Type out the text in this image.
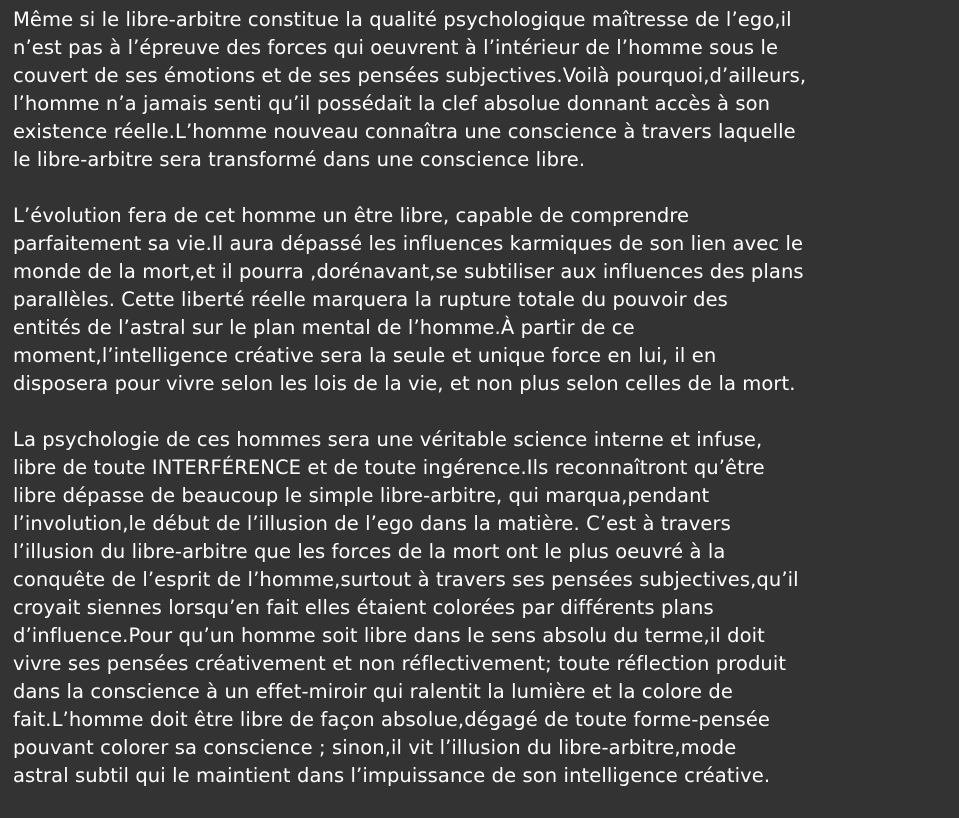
Même si le libre-arbitre constitue la qualité psychologique maîtresse de l’ego,il
n’est pas à l’épreuve des forces qui oeuvrent à l’intérieur de l’homme sous le
couvert de ses émotions et de ses pensées subjectives.Voilà pourquoi,d’ailleurs,
l’homme n’a jamais senti qu’il possédait la clef absolue donnant accès à son
existence réelle.L’homme nouveau connaîtra une conscience à travers laquelle
le libre-arbitre sera transformé dans une conscience libre.

L’évolution fera de cet homme un être libre, capable de comprendre
parfaitement sa vie.Il aura dépassé les influences karmiques de son lien avec le
monde de la mort,et il pourra ,dorénavant,se subtiliser aux influences des plans
parallèles. Cette liberté réelle marquera la rupture totale du pouvoir des
entités de l’astral sur le plan mental de l’homme.À partir de ce
moment,l’intelligence créative sera la seule et unique force en lui, il en
disposera pour vivre selon les lois de la vie, et non plus selon celles de la mort.

La psychologie de ces hommes sera une véritable science interne et infuse,
libre de toute INTERFÉRENCE et de toute ingérence.Ils reconnaîtront qu’être
libre dépasse de beaucoup le simple libre-arbitre, qui marqua,pendant
l’involution,le début de l’illusion de l’ego dans la matière. C’est à travers
l’illusion du libre-arbitre que les forces de la mort ont le plus oeuvré à la
conquête de l’esprit de l’homme,surtout à travers ses pensées subjectives,qu’il
croyait siennes lorsqu’en fait elles étaient colorées par différents plans
d’influence.Pour qu’un homme soit libre dans le sens absolu du terme,il doit
vivre ses pensées créativement et non réflectivement; toute réflection produit
dans la conscience à un effet-miroir qui ralentit la lumière et la colore de
fait.L’homme doit être libre de façon absolue,dégagé de toute forme-pensée
pouvant colorer sa conscience ; sinon,il vit l’illusion du libre-arbitre,mode
astral subtil qui le maintient dans l’impuissance de son intelligence créative.
